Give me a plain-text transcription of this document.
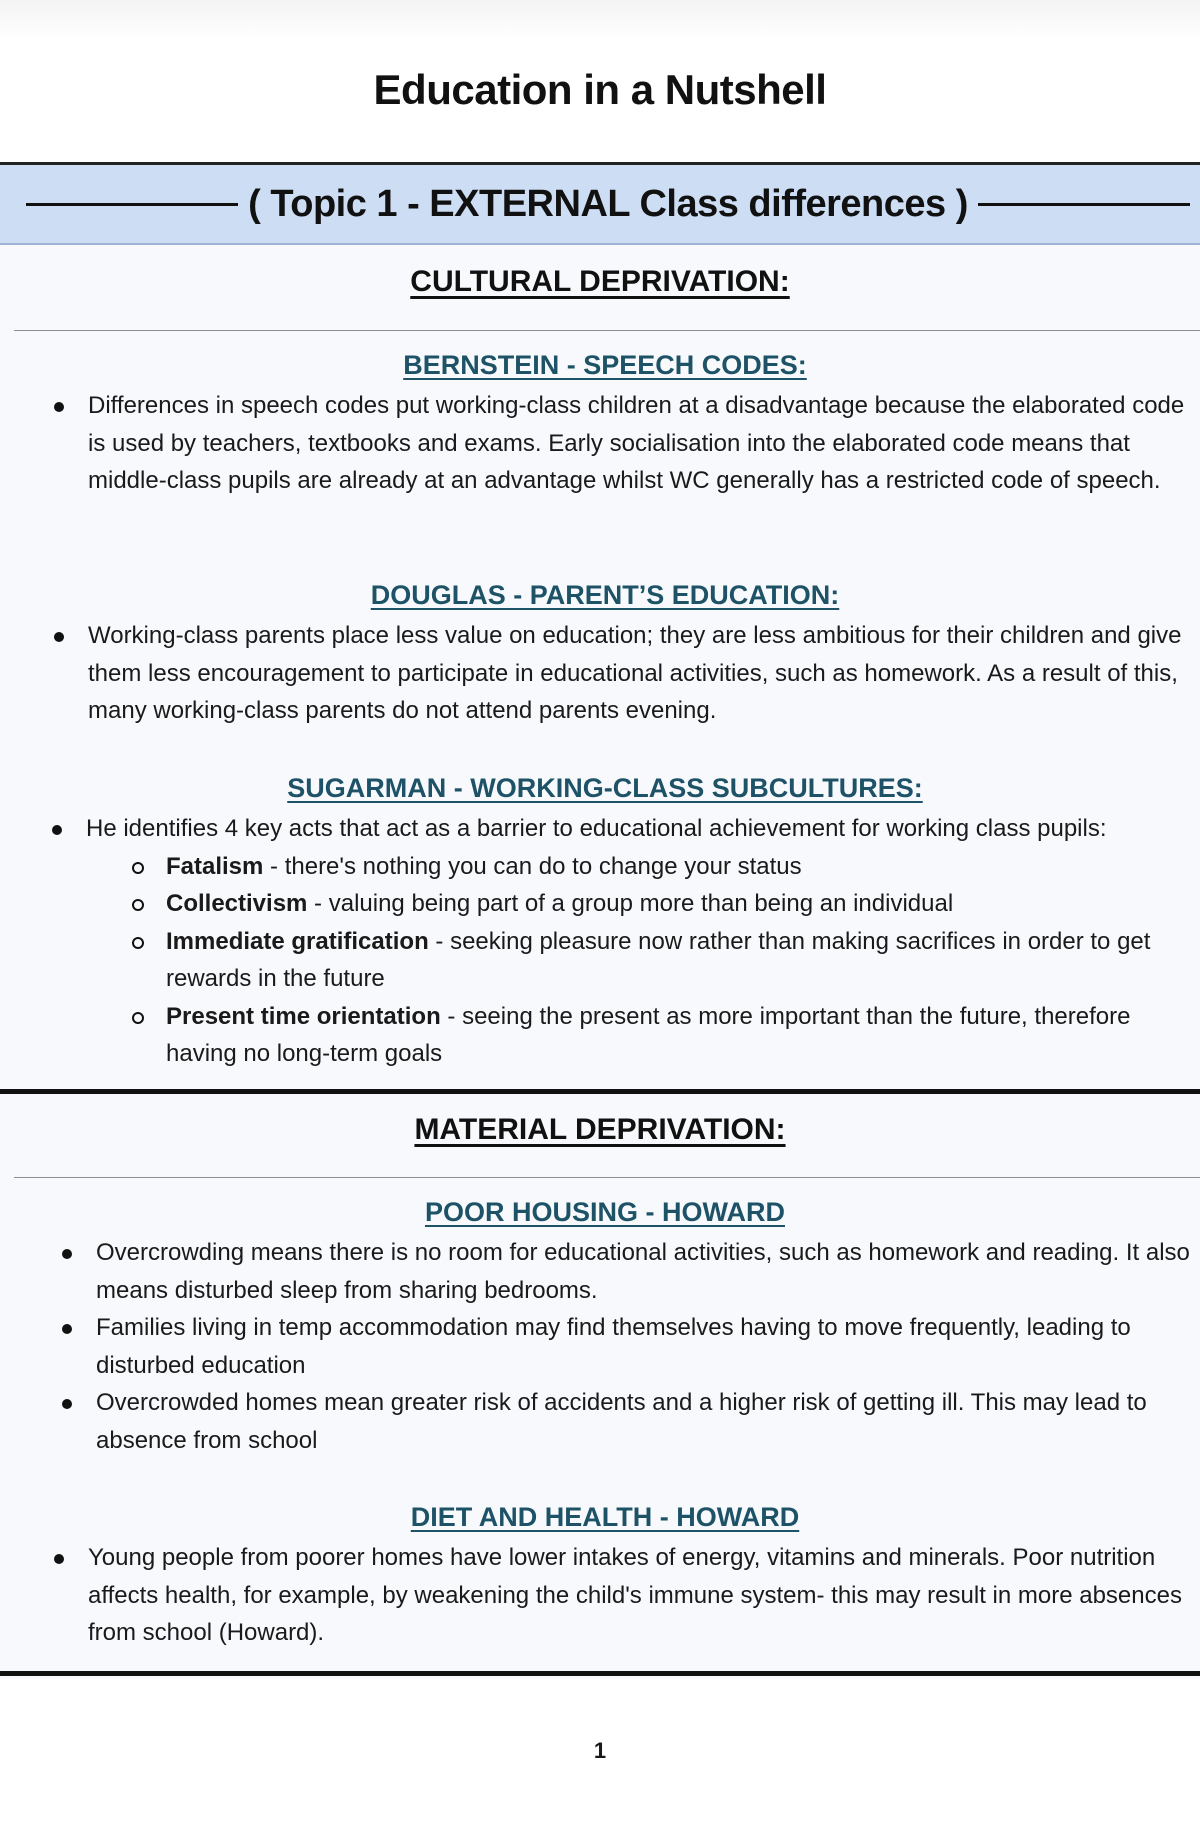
Education in a Nutshell
( Topic 1 - EXTERNAL Class differences )
CULTURAL DEPRIVATION:
BERNSTEIN - SPEECH CODES:
Differences in speech codes put working-class children at a disadvantage because the elaborated code is used by teachers, textbooks and exams. Early socialisation into the elaborated code means that middle-class pupils are already at an advantage whilst WC generally has a restricted code of speech.
DOUGLAS - PARENT’S EDUCATION:
Working-class parents place less value on education; they are less ambitious for their children and give them less encouragement to participate in educational activities, such as homework. As a result of this, many working-class parents do not attend parents evening.
SUGARMAN - WORKING-CLASS SUBCULTURES:
He identifies 4 key acts that act as a barrier to educational achievement for working class pupils:
Fatalism - there's nothing you can do to change your status
Collectivism - valuing being part of a group more than being an individual
Immediate gratification - seeking pleasure now rather than making sacrifices in order to get rewards in the future
Present time orientation - seeing the present as more important than the future, therefore having no long-term goals
MATERIAL DEPRIVATION:
POOR HOUSING - HOWARD
Overcrowding means there is no room for educational activities, such as homework and reading. It also means disturbed sleep from sharing bedrooms.
Families living in temp accommodation may find themselves having to move frequently, leading to disturbed education
Overcrowded homes mean greater risk of accidents and a higher risk of getting ill. This may lead to absence from school
DIET AND HEALTH - HOWARD
Young people from poorer homes have lower intakes of energy, vitamins and minerals. Poor nutrition affects health, for example, by weakening the child's immune system- this may result in more absences from school (Howard).
1
